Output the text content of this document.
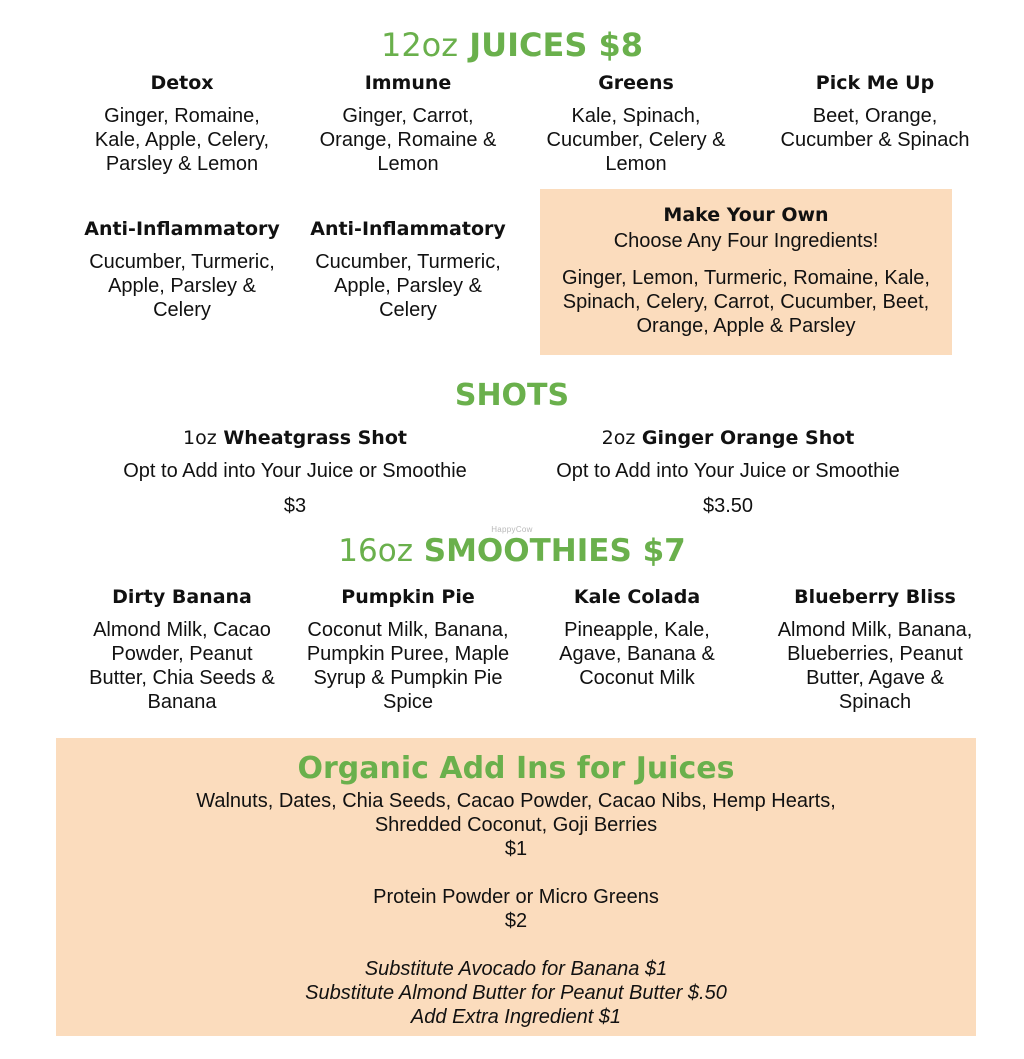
12oz JUICES $8
Detox
Ginger, Romaine, Kale, Apple, Celery, Parsley & Lemon
Immune
Ginger, Carrot, Orange, Romaine & Lemon
Greens
Kale, Spinach, Cucumber, Celery & Lemon
Pick Me Up
Beet, Orange, Cucumber & Spinach
Anti-Inflammatory
Cucumber, Turmeric, Apple, Parsley & Celery
Anti-Inflammatory
Cucumber, Turmeric, Apple, Parsley & Celery
Make Your Own
Choose Any Four Ingredients!
Ginger, Lemon, Turmeric, Romaine, Kale, Spinach, Celery, Carrot, Cucumber, Beet, Orange, Apple & Parsley
SHOTS
1oz Wheatgrass Shot
Opt to Add into Your Juice or Smoothie
$3
2oz Ginger Orange Shot
Opt to Add into Your Juice or Smoothie
$3.50
HappyCow
16oz SMOOTHIES $7
Dirty Banana
Almond Milk, Cacao Powder, Peanut Butter, Chia Seeds & Banana
Pumpkin Pie
Coconut Milk, Banana, Pumpkin Puree, Maple Syrup & Pumpkin Pie Spice
Kale Colada
Pineapple, Kale, Agave, Banana & Coconut Milk
Blueberry Bliss
Almond Milk, Banana, Blueberries, Peanut Butter, Agave & Spinach
Organic Add Ins for Juices
Walnuts, Dates, Chia Seeds, Cacao Powder, Cacao Nibs, Hemp Hearts,
Shredded Coconut, Goji Berries
$1
Protein Powder or Micro Greens
$2
Substitute Avocado for Banana $1
Substitute Almond Butter for Peanut Butter $.50
Add Extra Ingredient $1
